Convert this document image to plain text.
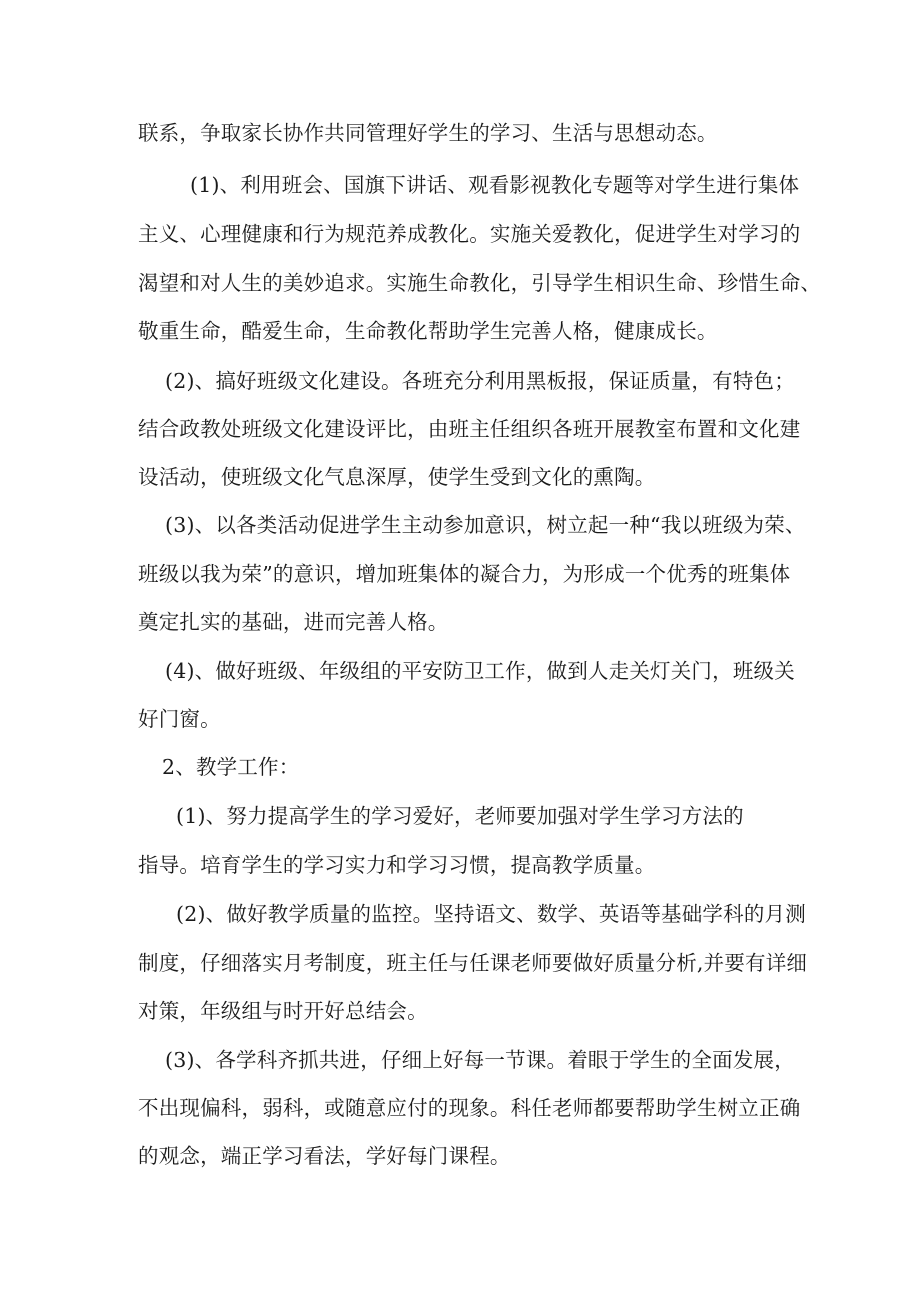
联系，争取家长协作共同管理好学生的学习、生活与思想动态。
(1)、利用班会、国旗下讲话、观看影视教化专题等对学生进行集体
主义、心理健康和行为规范养成教化。实施关爱教化，促进学生对学习的
渴望和对人生的美妙追求。实施生命教化，引导学生相识生命、珍惜生命、
敬重生命，酷爱生命，生命教化帮助学生完善人格，健康成长。
(2)、搞好班级文化建设。各班充分利用黑板报，保证质量，有特色；
结合政教处班级文化建设评比，由班主任组织各班开展教室布置和文化建
设活动，使班级文化气息深厚，使学生受到文化的熏陶。
(3)、以各类活动促进学生主动参加意识，树立起一种“我以班级为荣、
班级以我为荣”的意识，增加班集体的凝合力，为形成一个优秀的班集体
奠定扎实的基础，进而完善人格。
(4)、做好班级、年级组的平安防卫工作，做到人走关灯关门，班级关
好门窗。
2、教学工作：
(1)、努力提高学生的学习爱好，老师要加强对学生学习方法的
指导。培育学生的学习实力和学习习惯，提高教学质量。
(2)、做好教学质量的监控。坚持语文、数学、英语等基础学科的月测
制度，仔细落实月考制度，班主任与任课老师要做好质量分析,并要有详细
对策，年级组与时开好总结会。
(3)、各学科齐抓共进，仔细上好每一节课。着眼于学生的全面发展，
不出现偏科，弱科，或随意应付的现象。科任老师都要帮助学生树立正确
的观念，端正学习看法，学好每门课程。
